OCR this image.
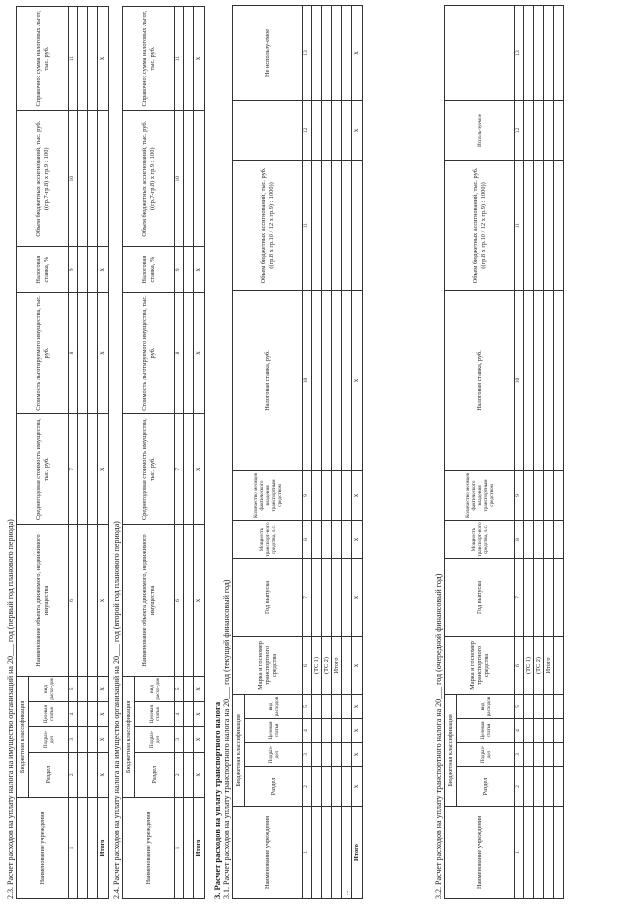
2.3. Расчет расходов на уплату налога на имущество организаций на 20___ год (первый год планового периода)	Наименование учреждения	Бюджетная классификация				Наименование объекта движимого, недвижимого имущества	Среднегодовая стоимость имущества, тыс. руб.	Стоимость льготируемого имущества, тыс. руб.	Налоговая ставка, %	Объем бюджетных ассигнований, тыс. руб. ((гр.7-гр.8) x гр.9 : 100)	Справочно: сумма налоговых льгот, тыс. руб.
	Раздел	Подраз-дел	Целевая статья	вид расхо-дов						
1	2	3	4	5	6	7	8	9	10	11

Итого	x	x	x	x	x	x	x	x		x
2.4. Расчет расходов на уплату налога на имущество организаций на 20___ год (второй год планового периода)	Наименование учреждения	Бюджетная классификация				Наименование объекта движимого, недвижимого имущества	Среднегодовая стоимость имущества, тыс. руб.	Стоимость льготируемого имущества, тыс. руб.	Налоговая ставка, %	Объем бюджетных ассигнований, тыс. руб. ((гр.7-гр.8) x гр.9 : 100)	Справочно: сумма налоговых льгот, тыс. руб.
	Раздел	Подраз-дел	Целевая статья	вид расхо-дов						
1	2	3	4	5	6	7	8	9	10	11

Итого	x	x	x	x	x	x	x	x		x
3. Расчет расходов на уплату транспортного налога 3.1. Расчет расходов на уплату транспортного налога на 20___ год (текущий финансовый год)	Наименование учреждения	Бюджетная классификация				Марка и госномер транспортного средства	Год выпуска	Мощность транспорт-ного средства, л.с.	Количество месяцев фактического владения транспортным средством	Налоговая ставка, руб.	Объем бюджетных ассигнований, тыс. руб. ((гр.8 x гр.10 / 12 x гр.9) : 1000))		Не использу-емое
	Раздел	Подраз-дел	Целевая статья	вид расходов								
1	2	3	4	5	6	7	8	9	10	11	12	13
					(ТС 1)							
					(ТС 2)							
					Итого							
...												
Итого	x	x	x	x	x	x	x	x	x		x	x
3.2. Расчет расходов на уплату транспортного налога на 20___ год (очередной финансовый год)	Наименование учреждения	Бюджетная классификация				Марка и госномер транспортного средства	Год выпуска	Мощность транспорт-ного средства, л.с.	Количество месяцев фактического владения транспортным средством	Налоговая ставка, руб.	Объем бюджетных ассигнований, тыс. руб. ((гр.8 x гр.10 / 12 x гр.9) : 1000))	Исполь-зуемое	
	Раздел	Подраз-дел	Целевая статья	вид расходов								
1	2	3	4	5	6	7	8	9	10	11	12	13
					(ТС 1)							
					(ТС 2)							
					Итого							
